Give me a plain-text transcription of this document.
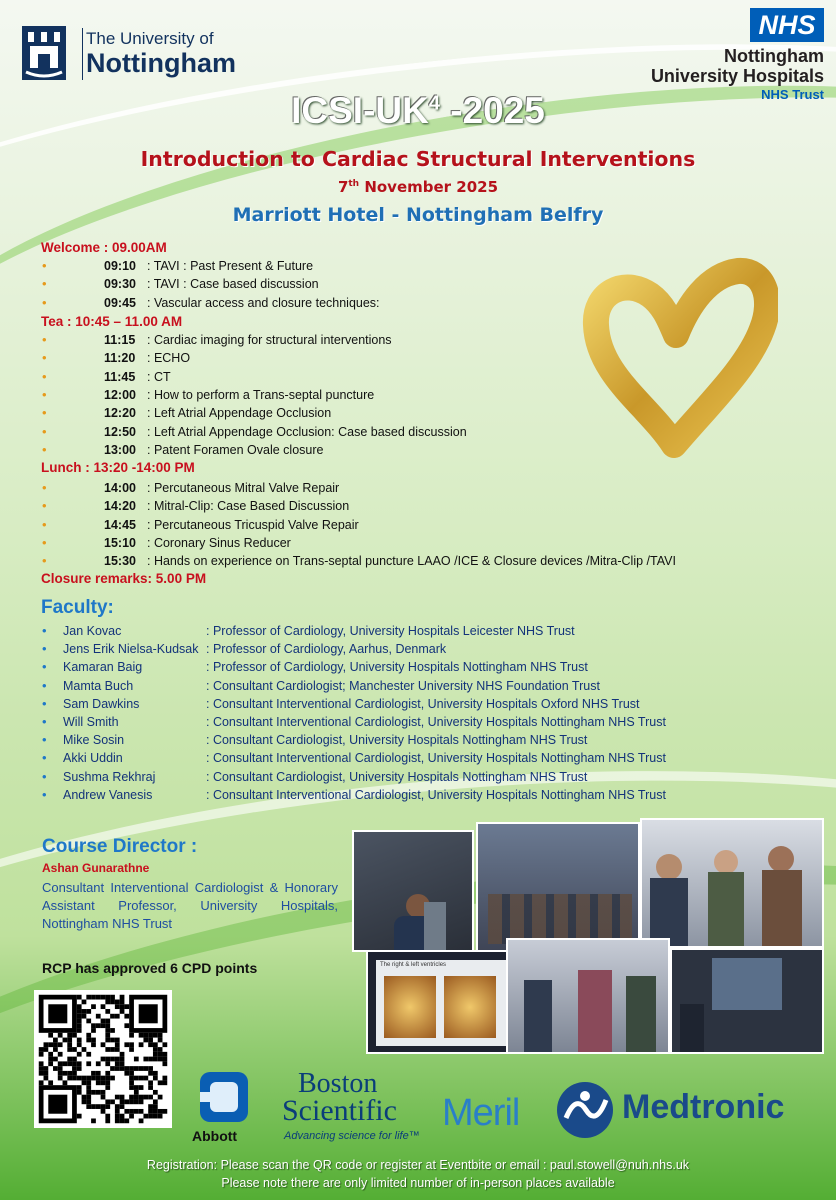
The University of
Nottingham
NHS
Nottingham
University Hospitals
NHS Trust
ICSI-$UK^4$ -2025
Introduction to Cardiac Structural Interventions
7th November 2025
Marriott Hotel - Nottingham Belfry
Welcome : 09.00AM
•	09:10 : TAVI : Past Present & Future
•	09:30 : TAVI : Case based discussion
•	09:45 : Vascular access and closure techniques:
Tea : 10:45 – 11.00 AM
•	11:15 : Cardiac imaging for structural interventions
•	11:20 : ECHO
•	11:45 : CT
•	12:00 : How to perform a Trans-septal puncture
•	12:20 : Left Atrial Appendage Occlusion
•	12:50 : Left Atrial Appendage Occlusion: Case based discussion
•	13:00 : Patent Foramen Ovale closure
Lunch : 13:20 -14:00 PM
•	14:00 : Percutaneous Mitral Valve Repair
•	14:20 : Mitral-Clip: Case Based Discussion
•	14:45 : Percutaneous Tricuspid Valve Repair
•	15:10 : Coronary Sinus Reducer
•	15:30 : Hands on experience on Trans-septal puncture LAAO /ICE & Closure devices /Mitra-Clip /TAVI
Closure remarks: 5.00 PM
Faculty:
• Jan Kovac	: Professor of Cardiology, University Hospitals Leicester NHS Trust
• Jens Erik Nielsa-Kudsak : Professor of Cardiology, Aarhus, Denmark
• Kamaran Baig	: Professor of Cardiology, University Hospitals Nottingham NHS Trust
• Mamta Buch	: Consultant Cardiologist; Manchester University NHS Foundation Trust
• Sam Dawkins	: Consultant Interventional Cardiologist, University Hospitals Oxford NHS Trust
• Will Smith	: Consultant Interventional Cardiologist, University Hospitals Nottingham NHS Trust
• Mike Sosin	: Consultant Cardiologist, University Hospitals Nottingham NHS Trust
• Akki Uddin	: Consultant Interventional Cardiologist, University Hospitals Nottingham NHS Trust
• Sushma Rekhraj	: Consultant Cardiologist, University Hospitals Nottingham NHS Trust
• Andrew Vanesis	: Consultant Interventional Cardiologist, University Hospitals Nottingham NHS Trust
Course Director :
Ashan Gunarathne
Consultant Interventional Cardiologist & Honorary Assistant Professor, University Hospitals, Nottingham NHS Trust
RCP has approved 6 CPD points	The right & left ventricles
Abbott
Boston
Scientific
Advancing science for life™
Meril	Medtronic
Registration: Please scan the QR code or register at Eventbite or email : paul.stowell@nuh.nhs.uk
Please note there are only limited number of in-person places available
